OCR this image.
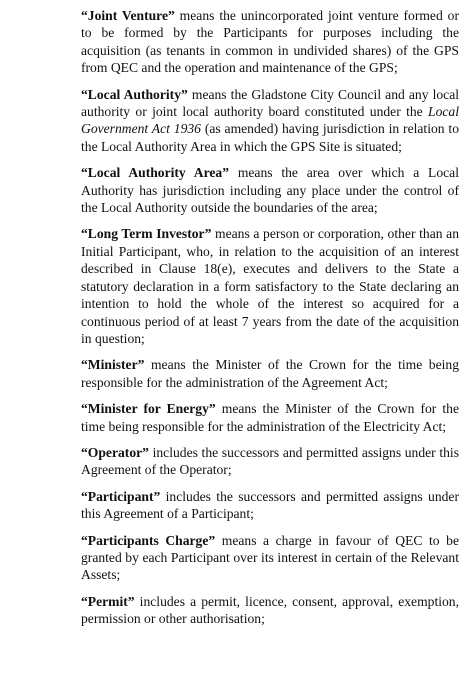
“Joint Venture” means the unincorporated joint venture formed or to be formed by the Participants for purposes including the acquisition (as tenants in common in undivided shares) of the GPS from QEC and the operation and maintenance of the GPS;

“Local Authority” means the Gladstone City Council and any local authority or joint local authority board constituted under the Local Government Act 1936 (as amended) having jurisdiction in relation to the Local Authority Area in which the GPS Site is situated;

“Local Authority Area” means the area over which a Local Authority has jurisdiction including any place under the control of the Local Authority outside the boundaries of the area;

“Long Term Investor” means a person or corporation, other than an Initial Participant, who, in relation to the acquisition of an interest described in Clause 18(e), executes and delivers to the State a statutory declaration in a form satisfactory to the State declaring an intention to hold the whole of the interest so acquired for a continuous period of at least 7 years from the date of the acquisition in question;

“Minister” means the Minister of the Crown for the time being responsible for the administration of the Agreement Act;

“Minister for Energy” means the Minister of the Crown for the time being responsible for the administration of the Electricity Act;

“Operator” includes the successors and permitted assigns under this Agreement of the Operator;

“Participant” includes the successors and permitted assigns under this Agreement of a Participant;

“Participants Charge” means a charge in favour of QEC to be granted by each Participant over its interest in certain of the Relevant Assets;

“Permit” includes a permit, licence, consent, approval, exemption, permission or other authorisation;
